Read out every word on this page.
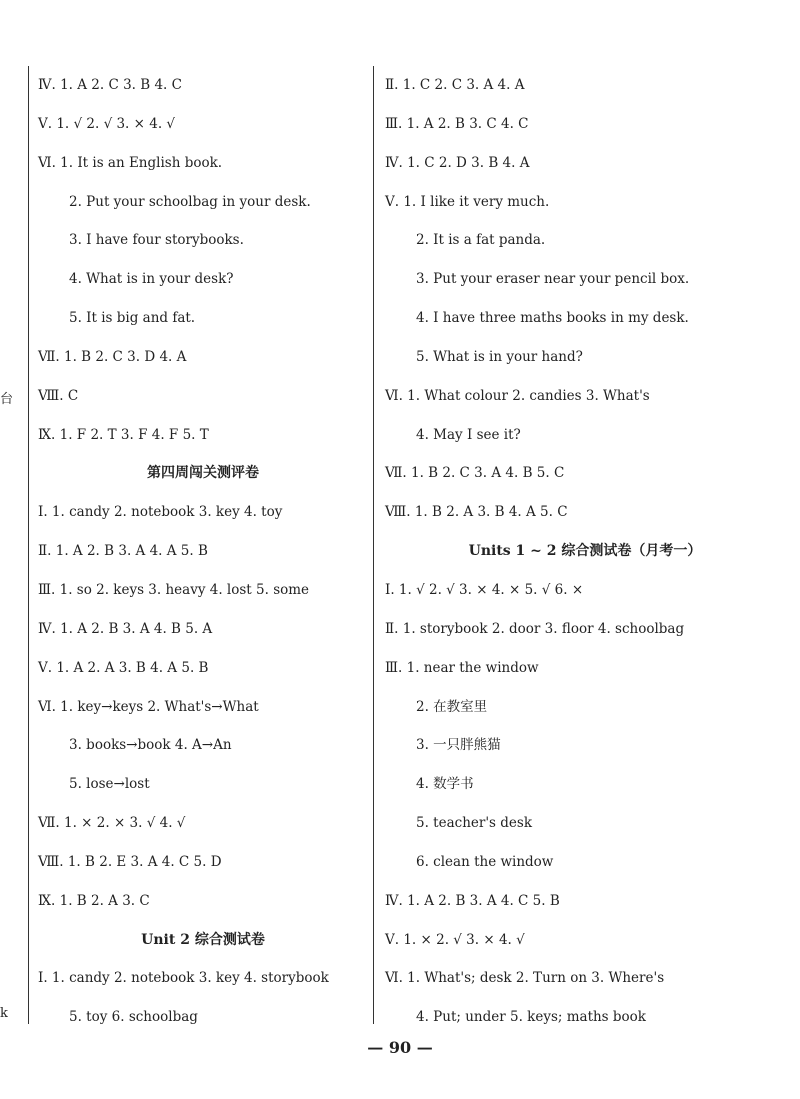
台
k
Ⅳ. 1. A 2. C 3. B 4. C
Ⅴ. 1. √ 2. √ 3. × 4. √
Ⅵ. 1. It is an English book.
2. Put your schoolbag in your desk.
3. I have four storybooks.
4. What is in your desk?
5. It is big and fat.
Ⅶ. 1. B 2. C 3. D 4. A
Ⅷ. C
Ⅸ. 1. F 2. T 3. F 4. F 5. T
第四周闯关测评卷
Ⅰ. 1. candy 2. notebook 3. key 4. toy
Ⅱ. 1. A 2. B 3. A 4. A 5. B
Ⅲ. 1. so 2. keys 3. heavy 4. lost 5. some
Ⅳ. 1. A 2. B 3. A 4. B 5. A
Ⅴ. 1. A 2. A 3. B 4. A 5. B
Ⅵ. 1. key→keys 2. What's→What
3. books→book 4. A→An
5. lose→lost
Ⅶ. 1. × 2. × 3. √ 4. √
Ⅷ. 1. B 2. E 3. A 4. C 5. D
Ⅸ. 1. B 2. A 3. C
Unit 2 综合测试卷
Ⅰ. 1. candy 2. notebook 3. key 4. storybook
5. toy 6. schoolbag
Ⅱ. 1. C 2. C 3. A 4. A
Ⅲ. 1. A 2. B 3. C 4. C
Ⅳ. 1. C 2. D 3. B 4. A
Ⅴ. 1. I like it very much.
2. It is a fat panda.
3. Put your eraser near your pencil box.
4. I have three maths books in my desk.
5. What is in your hand?
Ⅵ. 1. What colour 2. candies 3. What's
4. May I see it?
Ⅶ. 1. B 2. C 3. A 4. B 5. C
Ⅷ. 1. B 2. A 3. B 4. A 5. C
Units 1 ~ 2 综合测试卷（月考一）
Ⅰ. 1. √ 2. √ 3. × 4. × 5. √ 6. ×
Ⅱ. 1. storybook 2. door 3. floor 4. schoolbag
Ⅲ. 1. near the window
2. 在教室里
3. 一只胖熊猫
4. 数学书
5. teacher's desk
6. clean the window
Ⅳ. 1. A 2. B 3. A 4. C 5. B
Ⅴ. 1. × 2. √ 3. × 4. √
Ⅵ. 1. What's; desk 2. Turn on 3. Where's
4. Put; under 5. keys; maths book
— 90 —
